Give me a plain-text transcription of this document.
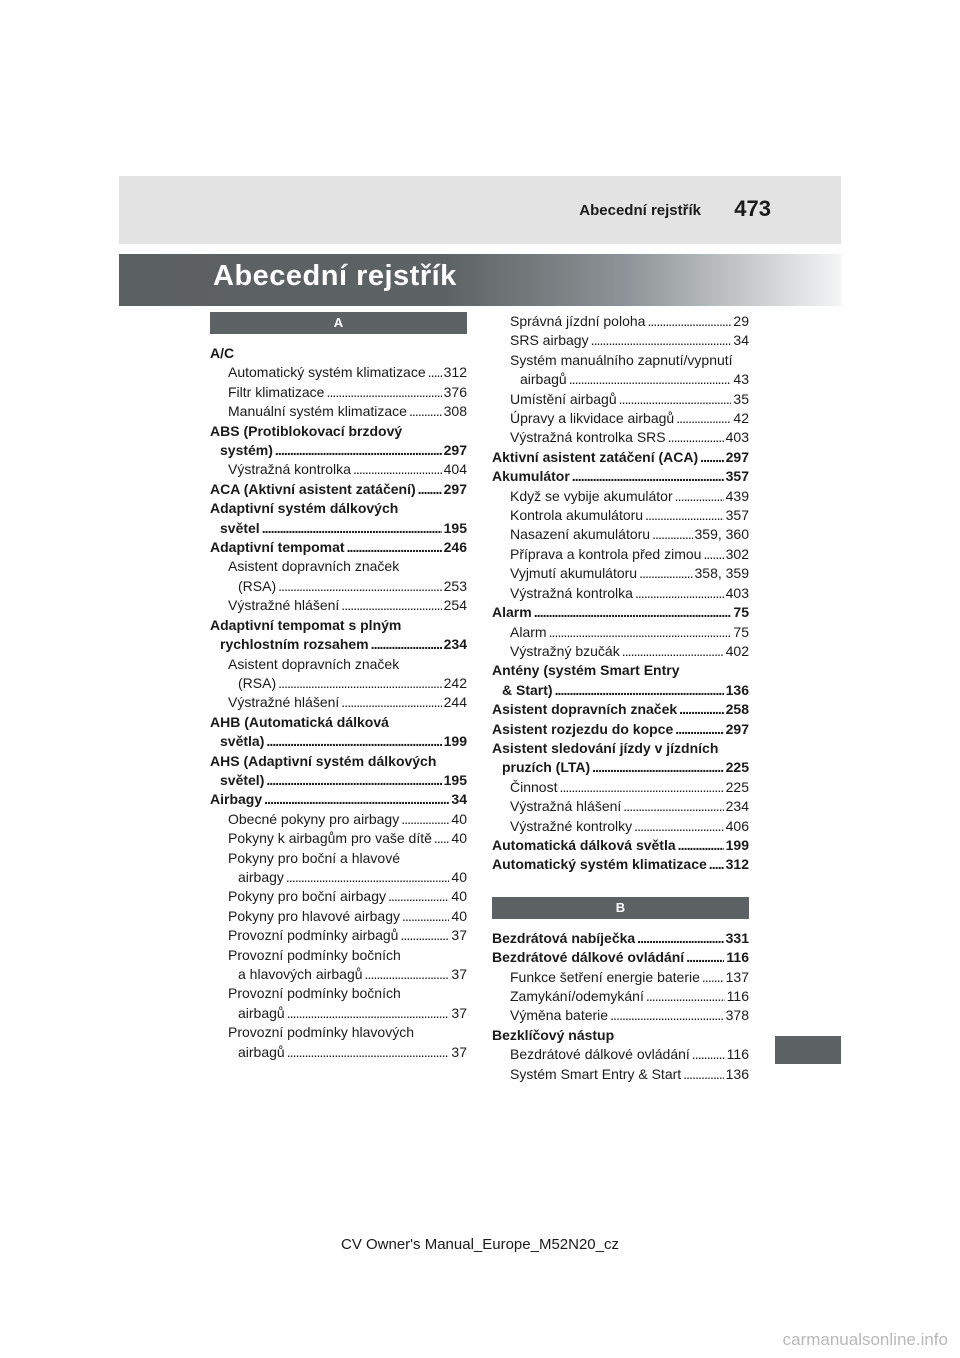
Abecední rejstřík 473
Abecední rejstřík
A
A/C
Automatický systém klimatizace . . . 312
Filtr klimatizace . . .	376
Manuální systém klimatizace . . .	308
ABS (Protiblokovací brzdový
systém) . . .	297
Výstražná kontrolka . . .	404
ACA (Aktivní asistent zatáčení) . . . 297
Adaptivní systém dálkových
světel . . .	195
Adaptivní tempomat . . .	246
Asistent dopravních značek
(RSA) . . .	253
Výstražné hlášení . . .	254
Adaptivní tempomat s plným
rychlostním rozsahem . . .	234
Asistent dopravních značek
(RSA) . . .	242
Výstražné hlášení . . .	244
AHB (Automatická dálková
světla) . . .	199
AHS (Adaptivní systém dálkových
světel) . . .	195
Airbagy . . .	34
Obecné pokyny pro airbagy . . .	40
Pokyny k airbagům pro vaše dítě . . . 40
Pokyny pro boční a hlavové
airbagy . . .	40
Pokyny pro boční airbagy . . .	40
Pokyny pro hlavové airbagy . . .	40
Provozní podmínky airbagů . . .	37
Provozní podmínky bočních
a hlavových airbagů . . .	37
Provozní podmínky bočních
airbagů . . .	37
Provozní podmínky hlavových
airbagů . . .	37
Správná jízdní poloha . . .	29
SRS airbagy . . .	34
Systém manuálního zapnutí/vypnutí
airbagů . . .	43
Umístění airbagů . . .	35
Úpravy a likvidace airbagů . . .	42
Výstražná kontrolka SRS . . .	403
Aktivní asistent zatáčení (ACA) . . . 297
Akumulátor . . .	357
Když se vybije akumulátor . . .	439
Kontrola akumulátoru . . .	357
Nasazení akumulátoru . . .	359, 360
Příprava a kontrola před zimou . . . 302
Vyjmutí akumulátoru . . .	358, 359
Výstražná kontrolka . . .	403
Alarm . . .	75
Alarm . . .	75
Výstražný bzučák . . .	402
Antény (systém Smart Entry
& Start) . . .	136
Asistent dopravních značek . . .	258
Asistent rozjezdu do kopce . . .	297
Asistent sledování jízdy v jízdních
pruzích (LTA) . . .	225
Činnost . . .	225
Výstražná hlášení . . .	234
Výstražné kontrolky . . .	406
Automatická dálková světla . . .	199
Automatický systém klimatizace . . . 312
B
Bezdrátová nabíječka . . .	331
Bezdrátové dálkové ovládání . . .	116
Funkce šetření energie baterie . . . 137
Zamykání/odemykání . . .	116
Výměna baterie . . .	378
Bezklíčový nástup
Bezdrátové dálkové ovládání . . .	116
Systém Smart Entry & Start . . .	136
CV Owner's Manual_Europe_M52N20_cz
carmanualsonline.info
